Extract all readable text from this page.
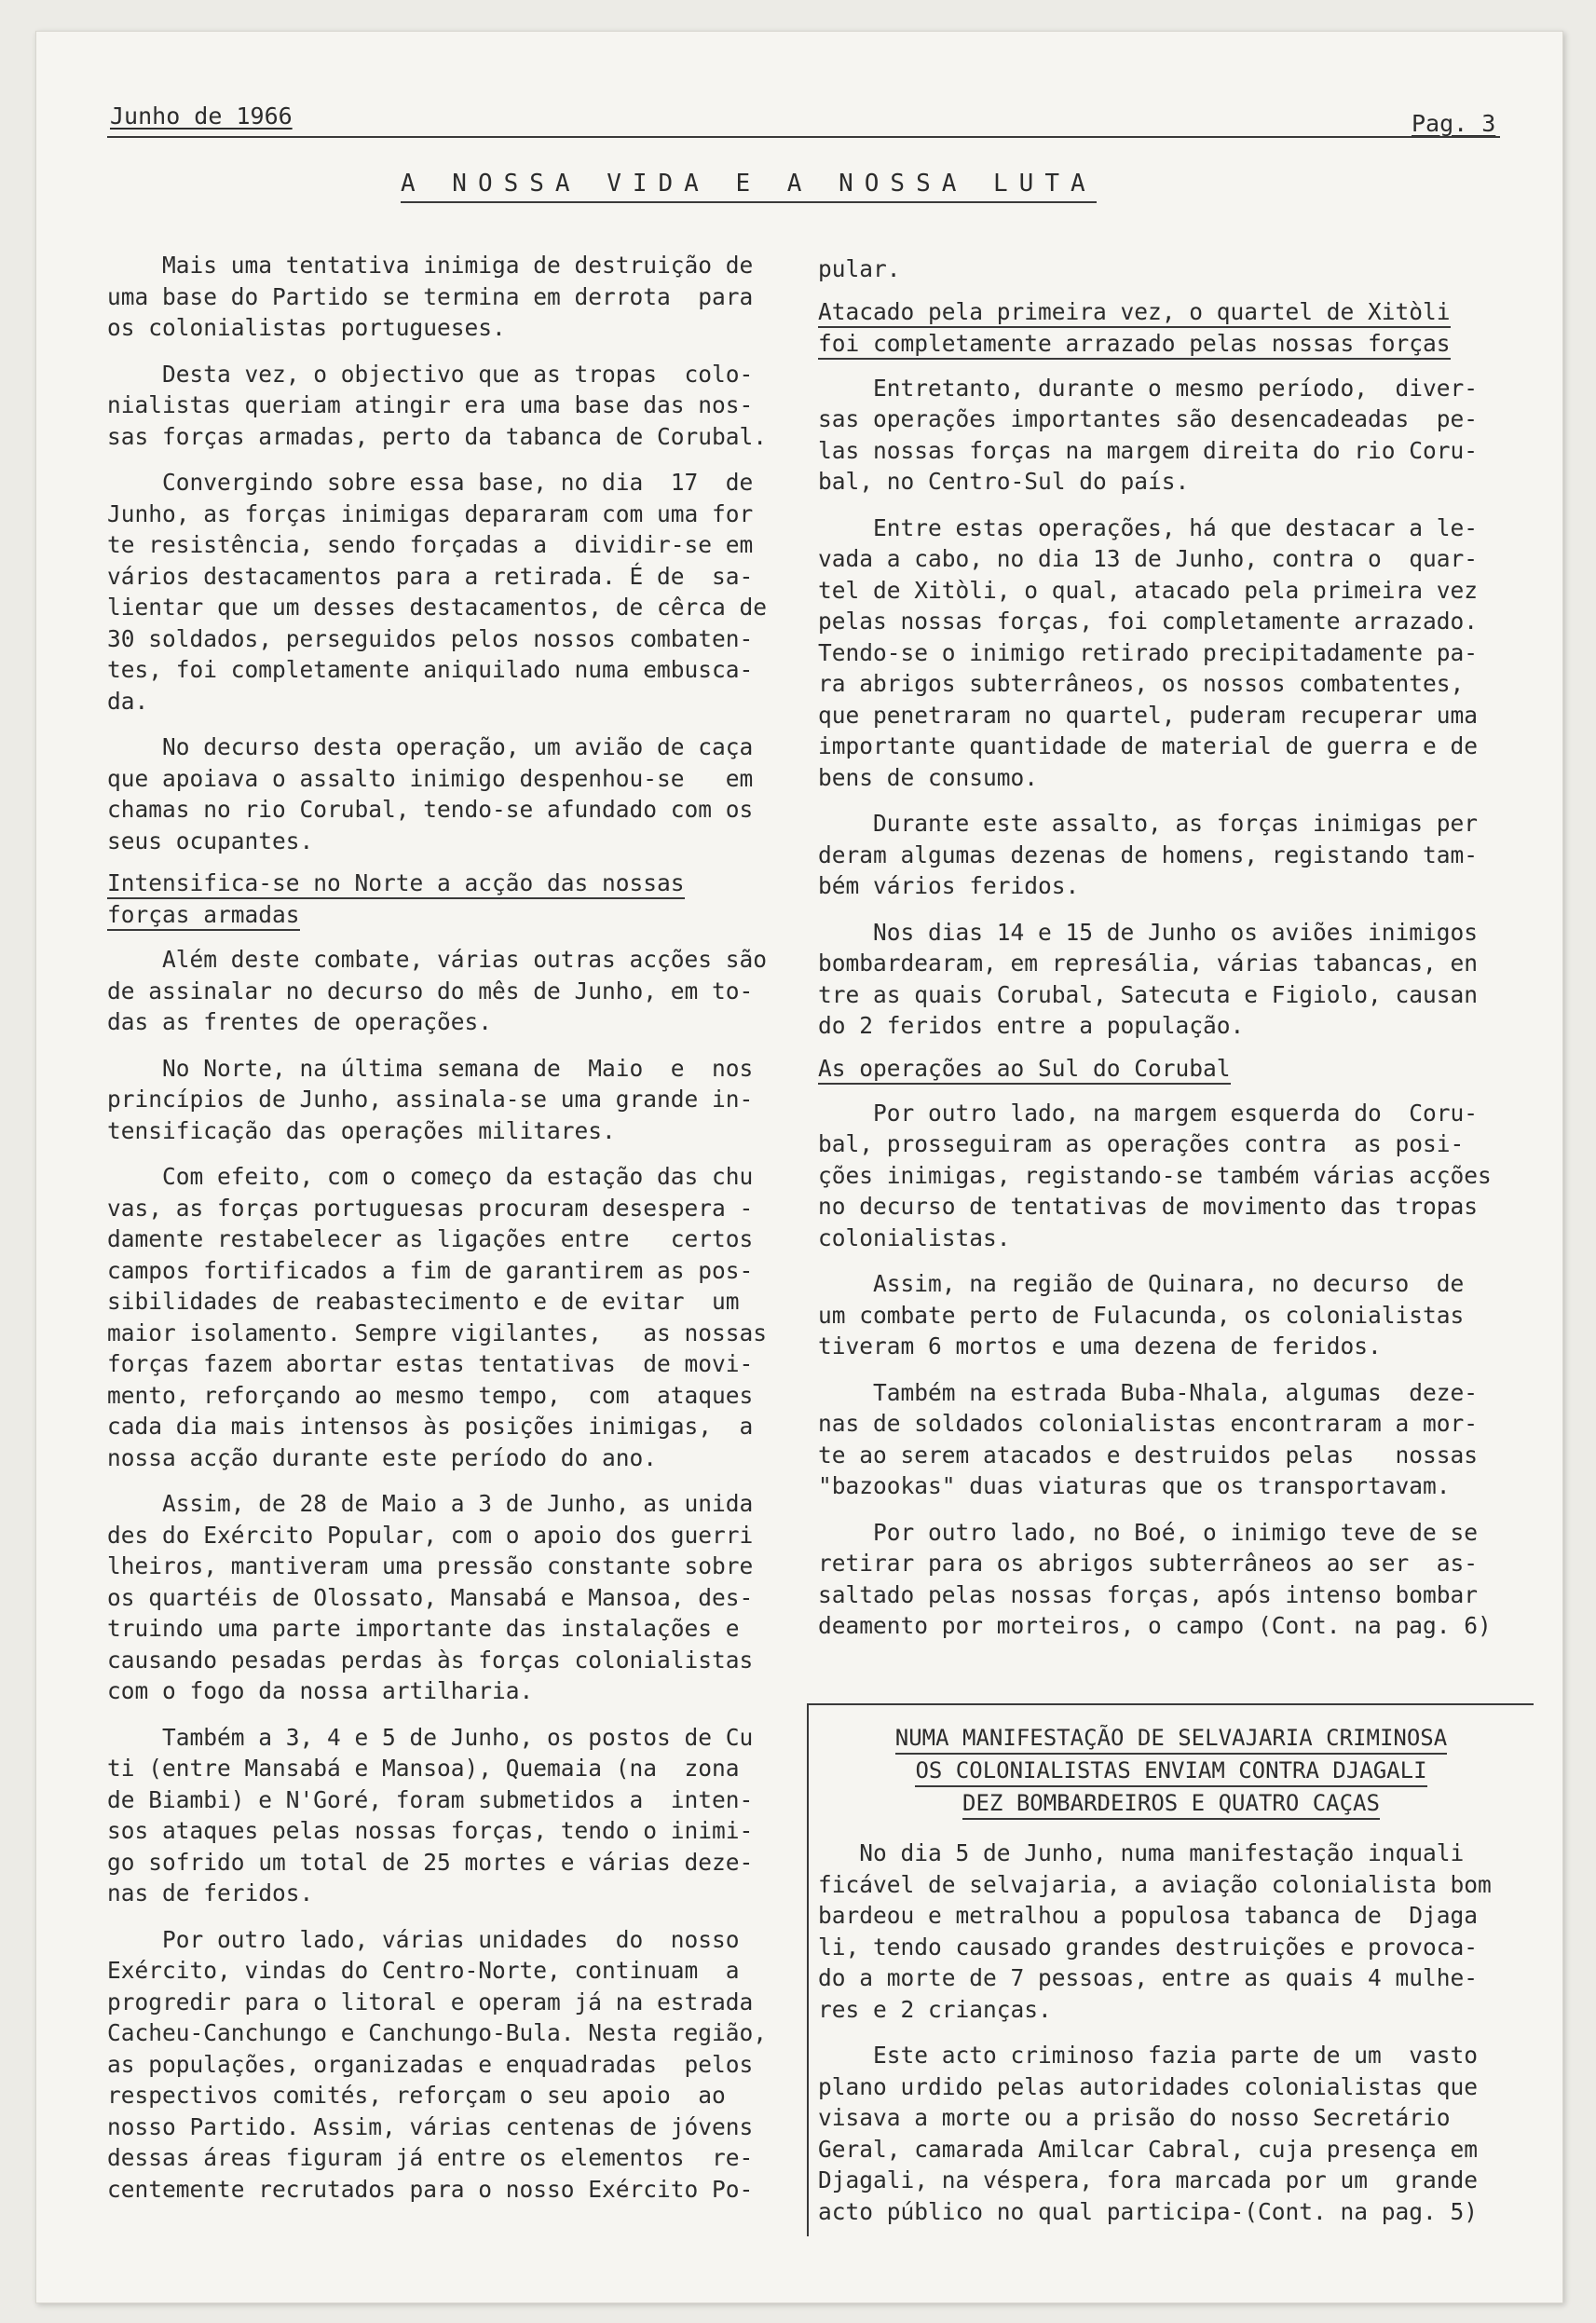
Junho de 1966	Pag. 3
A NOSSA VIDA E A NOSSA LUTA

Mais uma tentativa inimiga de destruição de
uma base do Partido se termina em derrota  para
os colonialistas portugueses.

Desta vez, o objectivo que as tropas  colo-
nialistas queriam atingir era uma base das nos-
sas forças armadas, perto da tabanca de Corubal.

Convergindo sobre essa base, no dia  17  de
Junho, as forças inimigas depararam com uma for
te resistência, sendo forçadas a  dividir-se em
vários destacamentos para a retirada. É de  sa-
lientar que um desses destacamentos, de cêrca de
30 soldados, perseguidos pelos nossos combaten-
tes, foi completamente aniquilado numa embusca-
da.

No decurso desta operação, um avião de caça
que apoiava o assalto inimigo despenhou-se   em
chamas no rio Corubal, tendo-se afundado com os
seus ocupantes.

Intensifica-se no Norte a acção das nossas
forças armadas

Além deste combate, várias outras acções são
de assinalar no decurso do mês de Junho, em to-
das as frentes de operações.

No Norte, na última semana de  Maio  e  nos
princípios de Junho, assinala-se uma grande in-
tensificação das operações militares.

Com efeito, com o começo da estação das chu
vas, as forças portuguesas procuram desespera -
damente restabelecer as ligações entre   certos
campos fortificados a fim de garantirem as pos-
sibilidades de reabastecimento e de evitar  um
maior isolamento. Sempre vigilantes,   as nossas
forças fazem abortar estas tentativas  de movi-
mento, reforçando ao mesmo tempo,  com  ataques
cada dia mais intensos às posições inimigas,  a
nossa acção durante este período do ano.

Assim, de 28 de Maio a 3 de Junho, as unida
des do Exército Popular, com o apoio dos guerri
lheiros, mantiveram uma pressão constante sobre
os quartéis de Olossato, Mansabá e Mansoa, des-
truindo uma parte importante das instalações e
causando pesadas perdas às forças colonialistas
com o fogo da nossa artilharia.

Também a 3, 4 e 5 de Junho, os postos de Cu
ti (entre Mansabá e Mansoa), Quemaia (na  zona
de Biambi) e N'Goré, foram submetidos a  inten-
sos ataques pelas nossas forças, tendo o inimi-
go sofrido um total de 25 mortes e várias deze-
nas de feridos.

Por outro lado, várias unidades  do  nosso
Exército, vindas do Centro-Norte, continuam  a
progredir para o litoral e operam já na estrada
Cacheu-Canchungo e Canchungo-Bula. Nesta região,
as populações, organizadas e enquadradas  pelos
respectivos comités, reforçam o seu apoio  ao
nosso Partido. Assim, várias centenas de jóvens
dessas áreas figuram já entre os elementos  re-
centemente recrutados para o nosso Exército Po-

pular.

Atacado pela primeira vez, o quartel de Xitòli
foi completamente arrazado pelas nossas forças

Entretanto, durante o mesmo período,  diver-
sas operações importantes são desencadeadas  pe-
las nossas forças na margem direita do rio Coru-
bal, no Centro-Sul do país.

Entre estas operações, há que destacar a le-
vada a cabo, no dia 13 de Junho, contra o  quar-
tel de Xitòli, o qual, atacado pela primeira vez
pelas nossas forças, foi completamente arrazado.
Tendo-se o inimigo retirado precipitadamente pa-
ra abrigos subterrâneos, os nossos combatentes,
que penetraram no quartel, puderam recuperar uma
importante quantidade de material de guerra e de
bens de consumo.

Durante este assalto, as forças inimigas per
deram algumas dezenas de homens, registando tam-
bém vários feridos.

Nos dias 14 e 15 de Junho os aviões inimigos
bombardearam, em represália, várias tabancas, en
tre as quais Corubal, Satecuta e Figiolo, causan
do 2 feridos entre a população.

As operações ao Sul do Corubal

Por outro lado, na margem esquerda do  Coru-
bal, prosseguiram as operações contra  as posi-
ções inimigas, registando-se também várias acções
no decurso de tentativas de movimento das tropas
colonialistas.

Assim, na região de Quinara, no decurso  de
um combate perto de Fulacunda, os colonialistas
tiveram 6 mortos e uma dezena de feridos.

Também na estrada Buba-Nhala, algumas  deze-
nas de soldados colonialistas encontraram a mor-
te ao serem atacados e destruidos pelas   nossas
"bazookas" duas viaturas que os transportavam.

Por outro lado, no Boé, o inimigo teve de se
retirar para os abrigos subterrâneos ao ser  as-
saltado pelas nossas forças, após intenso bombar
deamento por morteiros, o campo (Cont. na pag. 6)

NUMA MANIFESTAÇÃO DE SELVAJARIA CRIMINOSA
OS COLONIALISTAS ENVIAM CONTRA DJAGALI
DEZ BOMBARDEIROS E QUATRO CAÇAS

No dia 5 de Junho, numa manifestação inquali
ficável de selvajaria, a aviação colonialista bom
bardeou e metralhou a populosa tabanca de  Djaga
li, tendo causado grandes destruições e provoca-
do a morte de 7 pessoas, entre as quais 4 mulhe-
res e 2 crianças.

Este acto criminoso fazia parte de um  vasto
plano urdido pelas autoridades colonialistas que
visava a morte ou a prisão do nosso Secretário
Geral, camarada Amilcar Cabral, cuja presença em
Djagali, na véspera, fora marcada por um  grande
acto público no qual participa-(Cont. na pag. 5)
